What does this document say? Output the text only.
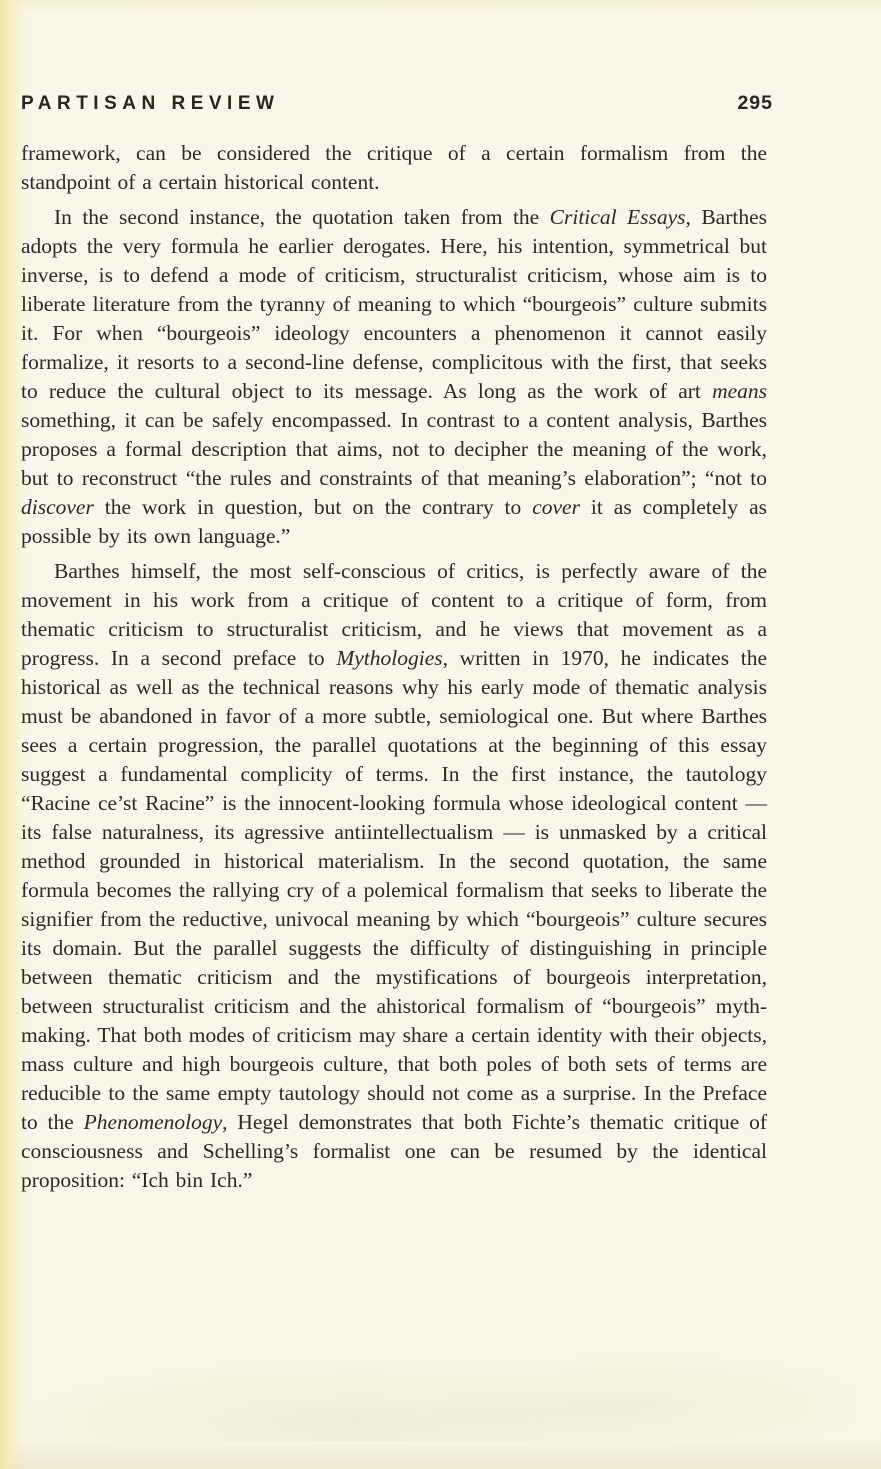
PARTISAN REVIEW	295

framework, can be considered the critique of a certain formalism from the standpoint of a certain historical content.

In the second instance, the quotation taken from the Critical Essays, Barthes adopts the very formula he earlier derogates. Here, his intention, symmetrical but inverse, is to defend a mode of criticism, structuralist criticism, whose aim is to liberate literature from the tyranny of meaning to which “bourgeois” culture submits it. For when “bourgeois” ideology encounters a phenomenon it cannot easily formalize, it resorts to a second-line defense, complicitous with the first, that seeks to reduce the cultural object to its message. As long as the work of art means something, it can be safely encompassed. In contrast to a content analysis, Barthes proposes a formal description that aims, not to decipher the meaning of the work, but to reconstruct “the rules and constraints of that meaning’s elaboration”; “not to discover the work in question, but on the contrary to cover it as completely as possible by its own language.”

Barthes himself, the most self-conscious of critics, is perfectly aware of the movement in his work from a critique of content to a critique of form, from thematic criticism to structuralist criticism, and he views that movement as a progress. In a second preface to Mythologies, written in 1970, he indicates the historical as well as the technical reasons why his early mode of thematic analysis must be abandoned in favor of a more subtle, semiological one. But where Barthes sees a certain progression, the parallel quotations at the beginning of this essay suggest a fundamental complicity of terms. In the first instance, the tautology “Racine ce’st Racine” is the innocent-looking formula whose ideological content — its false naturalness, its agressive antiintellectualism — is unmasked by a critical method grounded in historical materialism. In the second quotation, the same formula becomes the rallying cry of a polemical formalism that seeks to liberate the signifier from the reductive, univocal meaning by which “bourgeois” culture secures its domain. But the parallel suggests the difficulty of distinguishing in principle between thematic criticism and the mystifications of bourgeois interpretation, between structuralist criticism and the ahistorical formalism of “bourgeois” myth-making. That both modes of criticism may share a certain identity with their objects, mass culture and high bourgeois culture, that both poles of both sets of terms are reducible to the same empty tautology should not come as a surprise. In the Preface to the Phenomenology, Hegel demonstrates that both Fichte’s thematic critique of consciousness and Schelling’s formalist one can be resumed by the identical proposition: “Ich bin Ich.”
